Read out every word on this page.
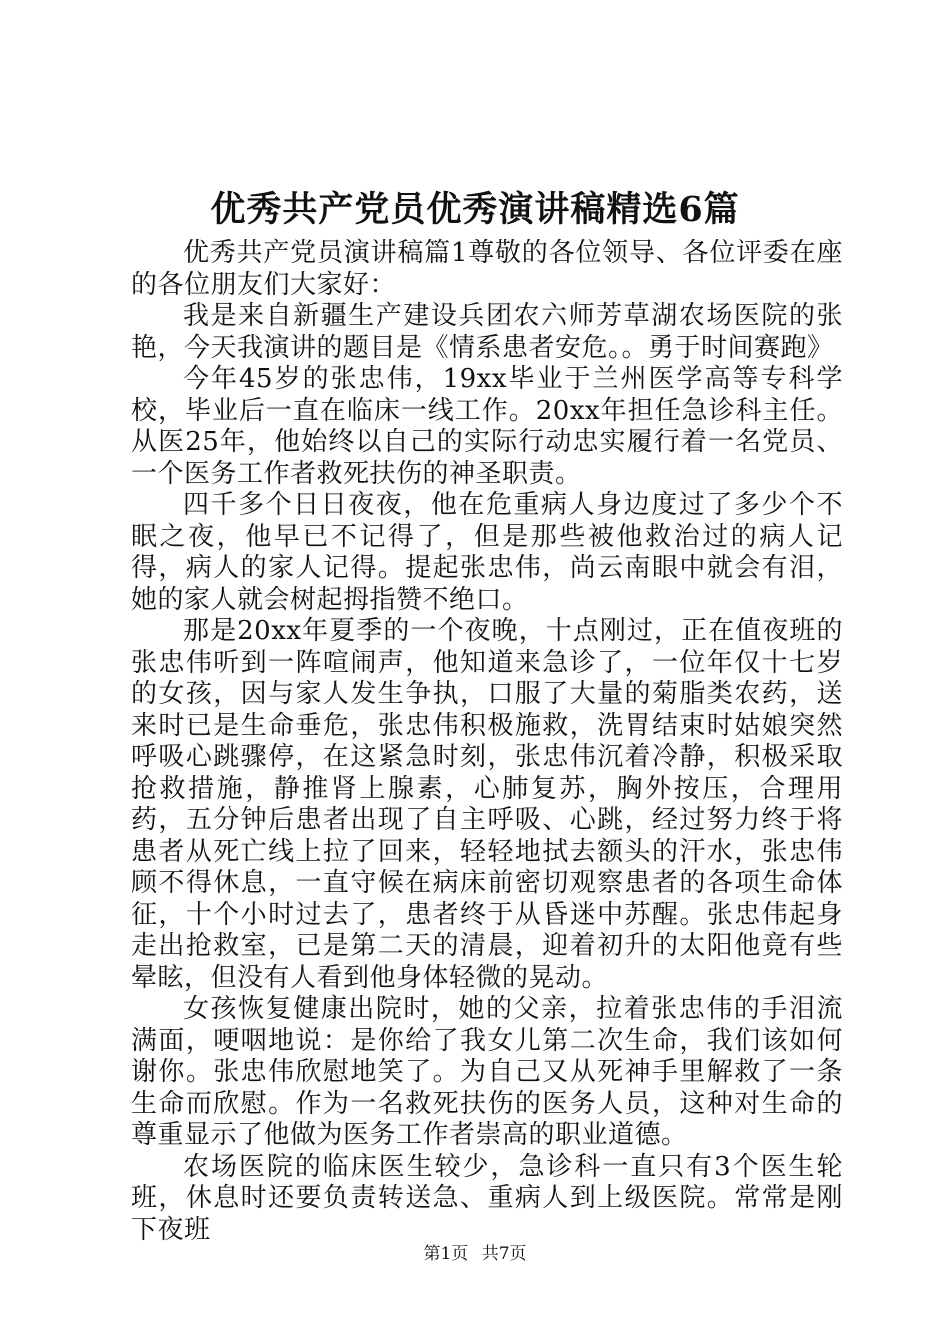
优秀共产党员优秀演讲稿精选6篇

优秀共产党员演讲稿篇1尊敬的各位领导、各位评委在座的各位朋友们大家好：

我是来自新疆生产建设兵团农六师芳草湖农场医院的张艳，今天我演讲的题目是《情系患者安危。。勇于时间赛跑》

今年45岁的张忠伟，19xx毕业于兰州医学高等专科学校，毕业后一直在临床一线工作。20xx年担任急诊科主任。从医25年，他始终以自己的实际行动忠实履行着一名党员、一个医务工作者救死扶伤的神圣职责。

四千多个日日夜夜，他在危重病人身边度过了多少个不眠之夜，他早已不记得了，但是那些被他救治过的病人记得，病人的家人记得。提起张忠伟，尚云南眼中就会有泪，她的家人就会树起拇指赞不绝口。

那是20xx年夏季的一个夜晚，十点刚过，正在值夜班的张忠伟听到一阵喧闹声，他知道来急诊了，一位年仅十七岁的女孩，因与家人发生争执，口服了大量的菊脂类农药，送来时已是生命垂危，张忠伟积极施救，洗胃结束时姑娘突然呼吸心跳骤停，在这紧急时刻，张忠伟沉着冷静，积极采取抢救措施，静推肾上腺素，心肺复苏，胸外按压，合理用药，五分钟后患者出现了自主呼吸、心跳，经过努力终于将患者从死亡线上拉了回来，轻轻地拭去额头的汗水，张忠伟顾不得休息，一直守候在病床前密切观察患者的各项生命体征，十个小时过去了，患者终于从昏迷中苏醒。张忠伟起身走出抢救室，已是第二天的清晨，迎着初升的太阳他竟有些晕眩，但没有人看到他身体轻微的晃动。

女孩恢复健康出院时，她的父亲，拉着张忠伟的手泪流满面，哽咽地说：是你给了我女儿第二次生命，我们该如何谢你。张忠伟欣慰地笑了。为自己又从死神手里解救了一条生命而欣慰。作为一名救死扶伤的医务人员，这种对生命的尊重显示了他做为医务工作者崇高的职业道德。

农场医院的临床医生较少，急诊科一直只有3个医生轮班，休息时还要负责转送急、重病人到上级医院。常常是刚下夜班

第1页 共7页
